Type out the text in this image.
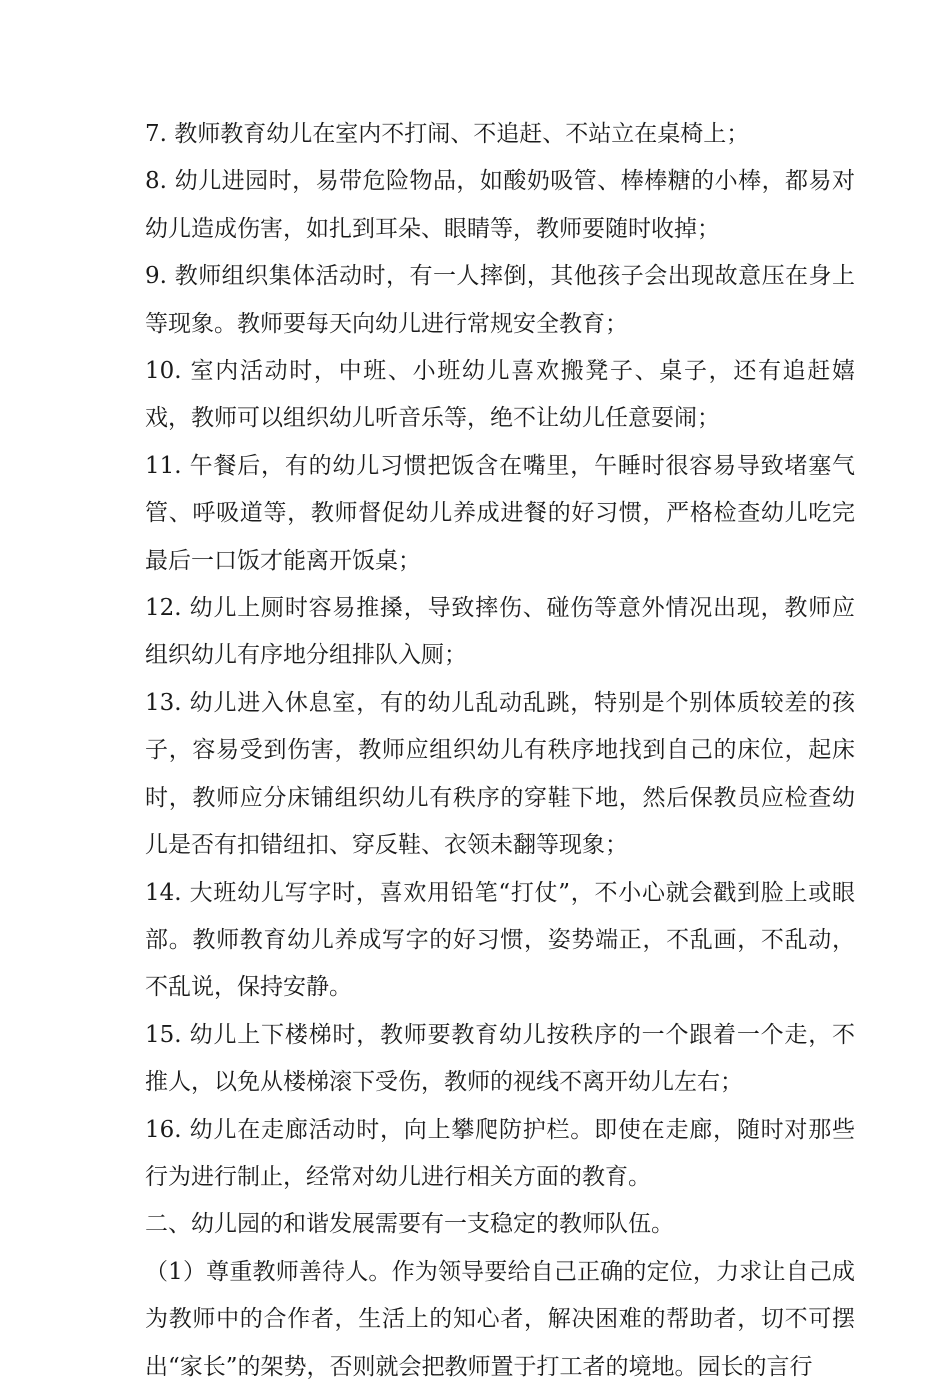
7. 教师教育幼儿在室内不打闹、不追赶、不站立在桌椅上；

8. 幼儿进园时，易带危险物品，如酸奶吸管、棒棒糖的小棒，都易对幼儿造成伤害，如扎到耳朵、眼睛等，教师要随时收掉；

9. 教师组织集体活动时，有一人摔倒，其他孩子会出现故意压在身上等现象。教师要每天向幼儿进行常规安全教育；

10. 室内活动时，中班、小班幼儿喜欢搬凳子、桌子，还有追赶嬉戏，教师可以组织幼儿听音乐等，绝不让幼儿任意耍闹；

11. 午餐后，有的幼儿习惯把饭含在嘴里，午睡时很容易导致堵塞气管、呼吸道等，教师督促幼儿养成进餐的好习惯，严格检查幼儿吃完最后一口饭才能离开饭桌；

12. 幼儿上厕时容易推搡，导致摔伤、碰伤等意外情况出现，教师应组织幼儿有序地分组排队入厕；

13. 幼儿进入休息室，有的幼儿乱动乱跳，特别是个别体质较差的孩子，容易受到伤害，教师应组织幼儿有秩序地找到自己的床位，起床时，教师应分床铺组织幼儿有秩序的穿鞋下地，然后保教员应检查幼儿是否有扣错纽扣、穿反鞋、衣领未翻等现象；

14. 大班幼儿写字时，喜欢用铅笔“打仗”，不小心就会戳到脸上或眼部。教师教育幼儿养成写字的好习惯，姿势端正，不乱画，不乱动，不乱说，保持安静。

15. 幼儿上下楼梯时，教师要教育幼儿按秩序的一个跟着一个走，不推人，以免从楼梯滚下受伤，教师的视线不离开幼儿左右；

16. 幼儿在走廊活动时，向上攀爬防护栏。即使在走廊，随时对那些行为进行制止，经常对幼儿进行相关方面的教育。

二、幼儿园的和谐发展需要有一支稳定的教师队伍。

（1）尊重教师善待人。作为领导要给自己正确的定位，力求让自己成为教师中的合作者，生活上的知心者，解决困难的帮助者，切不可摆出“家长”的架势，否则就会把教师置于打工者的境地。园长的言行
